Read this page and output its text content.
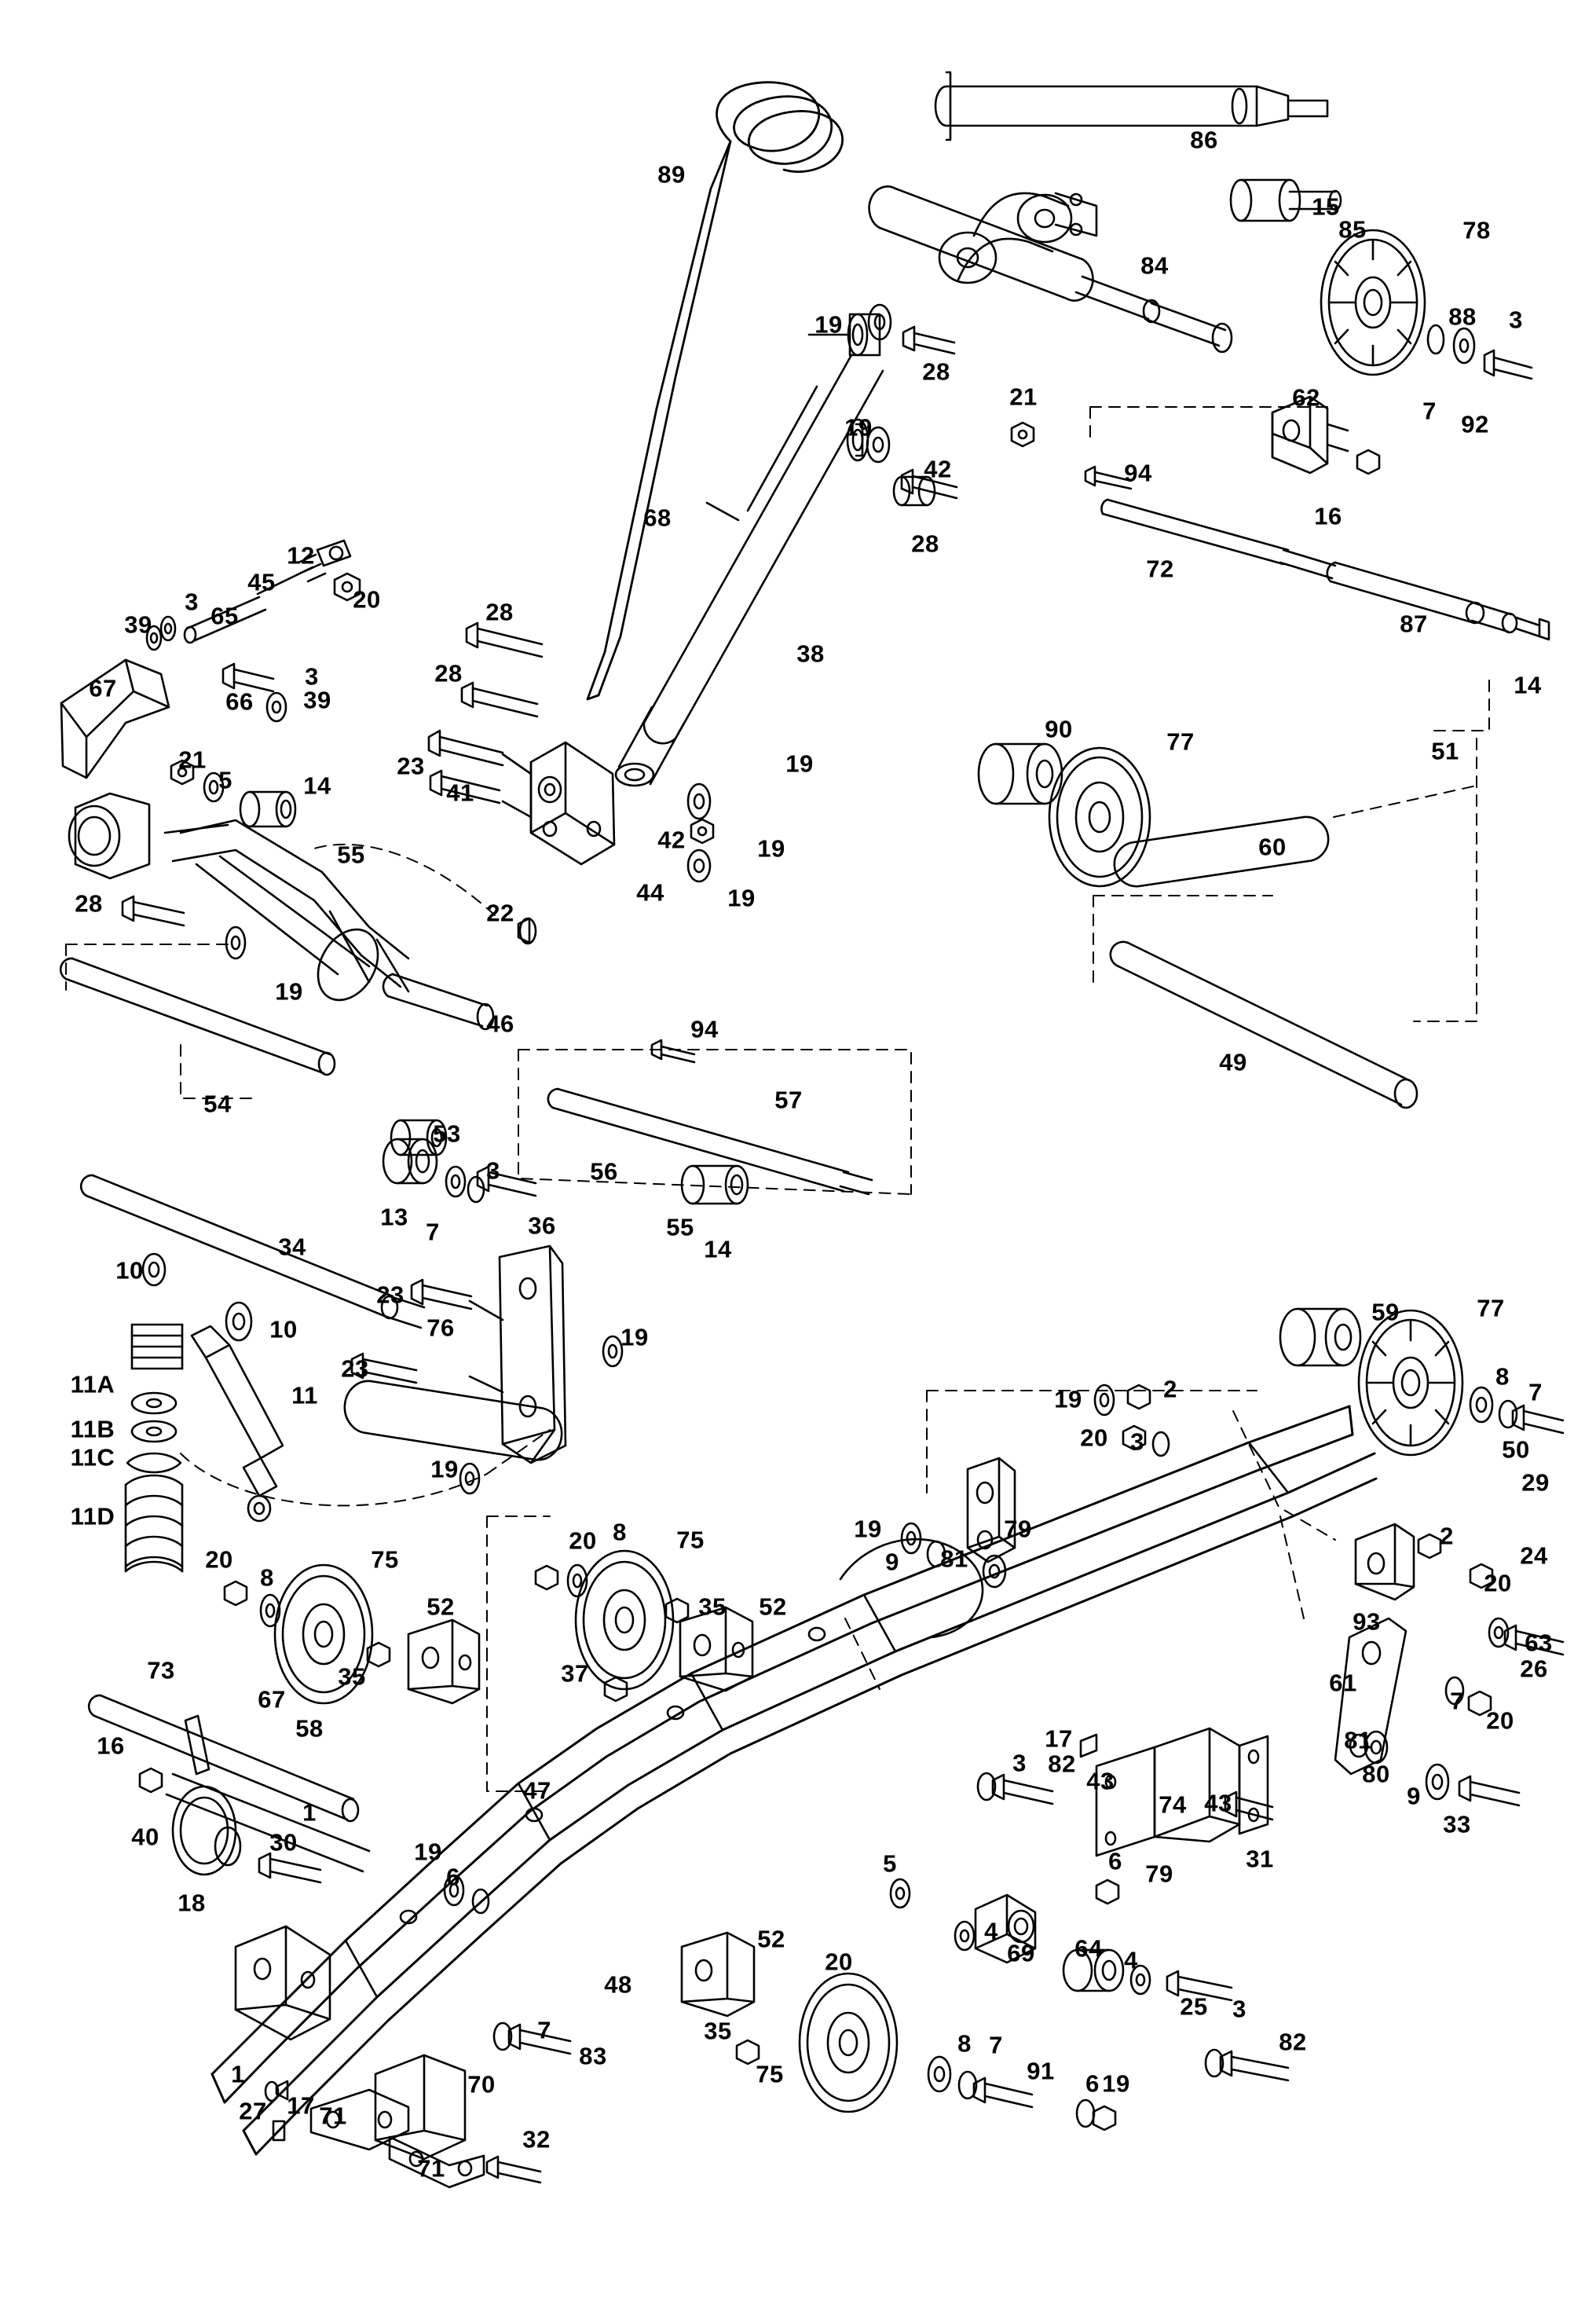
89
86
15
85	78
84
19
28
88 3
62	7 92
21
19
42	94
16
68
28
72
12
45
20
39
3
65	28	87
38
67	66
3
39
28	14
51
23
41
19
90	77
21
5	14
42	19
55	60
28	44	19
22
19
46
49
94
54	57
53
3	56
13
7	36	55
14
34
10
59	77
23
10	76
11A
23
19
8
11B
11C
11	19	2	7
20 3
11D
19
50
29
19
9
79
81
2
24
20
20
8
20 8 75
75
52	35 52
93
63
26
61
37
35
7
20
73
67
81
17
80
58
16
43
82
74 43	9
33
47
3
1
30
40
19
6	5	6 79
31
18
4
69 64 4
52
20
25 3
48
7	35
83	8 7	82
91 6 19
75
1	70
27 17 71
32
71
